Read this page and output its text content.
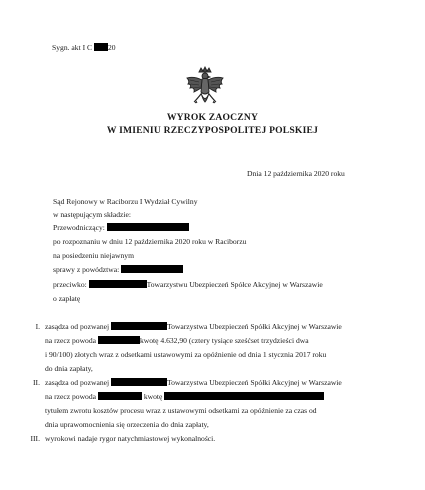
Sygn. akt I C 20
WYROK ZAOCZNY
W IMIENIU RZECZYPOSPOLITEJ POLSKIEJ
Dnia 12 października 2020 roku
Sąd Rejonowy w Raciborzu I Wydział Cywilny
w następującym składzie:
Przewodniczący:
po rozpoznaniu w dniu 12 października 2020 roku w Raciborzu
na posiedzeniu niejawnym
sprawy z powództwa:
przeciwko:	Towarzystwu Ubezpieczeń Spółce Akcyjnej w Warszawie
o zapłatę
I. zasądza od pozwanej	Towarzystwa Ubezpieczeń Spółki Akcyjnej w Warszawie
na rzecz powoda	kwotę 4.632,90 (cztery tysiące sześćset trzydzieści dwa
i 90/100) złotych wraz z odsetkami ustawowymi za opóźnienie od dnia 1 stycznia 2017 roku
do dnia zapłaty,
II. zasądza od pozwanej	Towarzystwa Ubezpieczeń Spółki Akcyjnej w Warszawie
na rzecz powoda	kwotę
tytułem zwrotu kosztów procesu wraz z ustawowymi odsetkami za opóźnienie za czas od
dnia uprawomocnienia się orzeczenia do dnia zapłaty,
III. wyrokowi nadaje rygor natychmiastowej wykonalności.
